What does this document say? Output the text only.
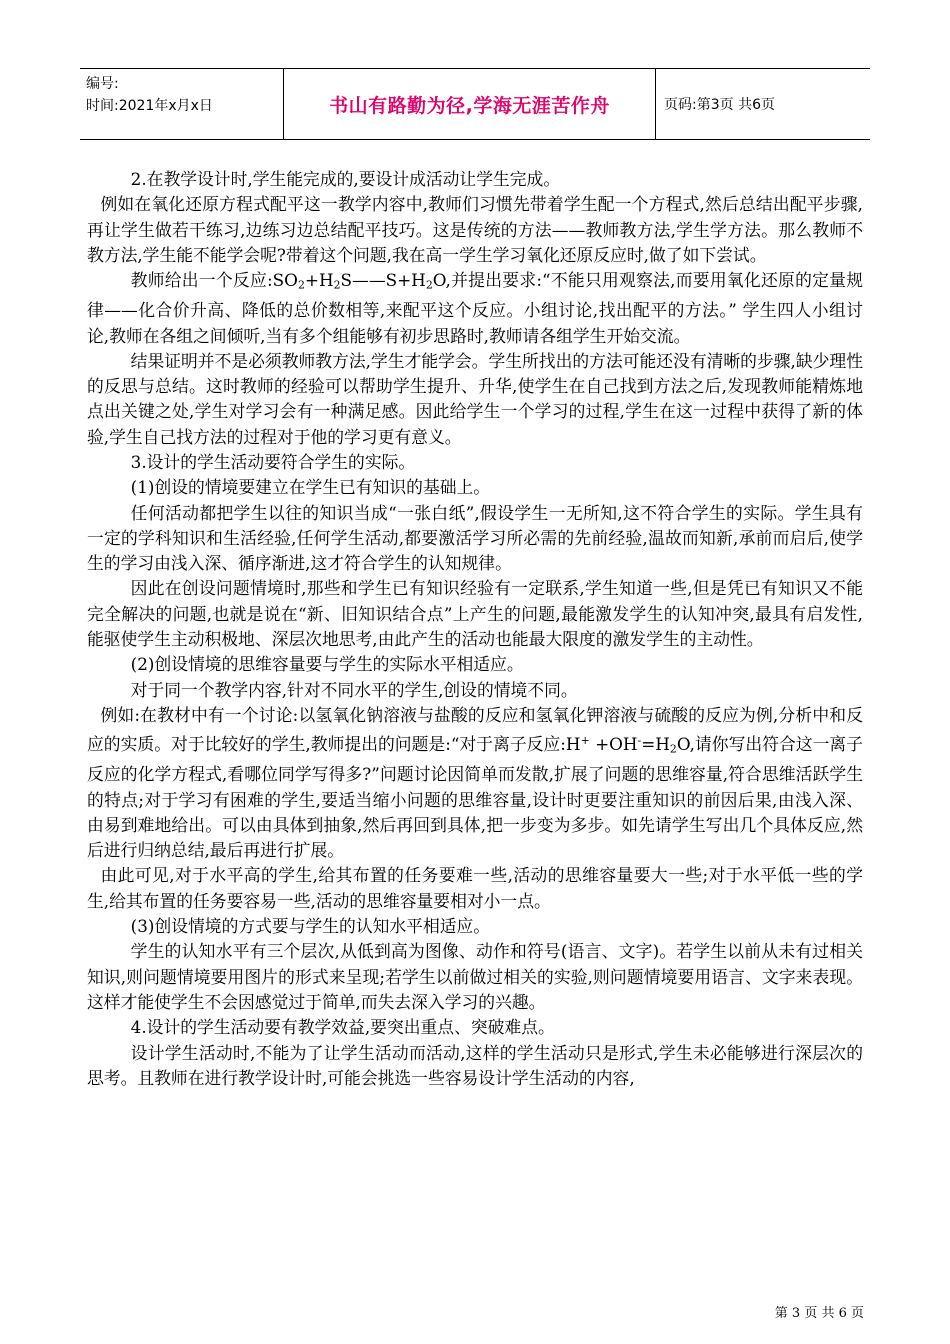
编号:
时间:2021年x月x日	书山有路勤为径,学海无涯苦作舟	页码:第3页 共6页

2.在教学设计时,学生能完成的,要设计成活动让学生完成。

例如在氧化还原方程式配平这一教学内容中,教师们习惯先带着学生配一个方程式,然后总结出配平步骤,再让学生做若干练习,边练习边总结配平技巧。这是传统的方法——教师教方法,学生学方法。那么教师不教方法,学生能不能学会呢?带着这个问题,我在高一学生学习氧化还原反应时,做了如下尝试。

教师给出一个反应$:SO_2+H_2S——S+H_2O$,并提出要求:“不能只用观察法,而要用氧化还原的定量规律——化合价升高、降低的总价数相等,来配平这个反应。小组讨论,找出配平的方法。” 学生四人小组讨论,教师在各组之间倾听,当有多个组能够有初步思路时,教师请各组学生开始交流。

结果证明并不是必须教师教方法,学生才能学会。学生所找出的方法可能还没有清晰的步骤,缺少理性的反思与总结。这时教师的经验可以帮助学生提升、升华,使学生在自己找到方法之后,发现教师能精炼地点出关键之处,学生对学习会有一种满足感。因此给学生一个学习的过程,学生在这一过程中获得了新的体验,学生自己找方法的过程对于他的学习更有意义。

3.设计的学生活动要符合学生的实际。

(1)创设的情境要建立在学生已有知识的基础上。

任何活动都把学生以往的知识当成“一张白纸”,假设学生一无所知,这不符合学生的实际。学生具有一定的学科知识和生活经验,任何学生活动,都要激活学习所必需的先前经验,温故而知新,承前而启后,使学生的学习由浅入深、循序渐进,这才符合学生的认知规律。

因此在创设问题情境时,那些和学生已有知识经验有一定联系,学生知道一些,但是凭已有知识又不能完全解决的问题,也就是说在“新、旧知识结合点”上产生的问题,最能激发学生的认知冲突,最具有启发性,能驱使学生主动积极地、深层次地思考,由此产生的活动也能最大限度的激发学生的主动性。

(2)创设情境的思维容量要与学生的实际水平相适应。

对于同一个教学内容,针对不同水平的学生,创设的情境不同。

例如:在教材中有一个讨论:以氢氧化钠溶液与盐酸的反应和氢氧化钾溶液与硫酸的反应为例,分析中和反应的实质。对于比较好的学生,教师提出的问题是:“对于离子反应:H+ $+OH^-=H_2O$,请你写出符合这一离子反应的化学方程式,看哪位同学写得多?”问题讨论因简单而发散,扩展了问题的思维容量,符合思维活跃学生的特点;对于学习有困难的学生,要适当缩小问题的思维容量,设计时更要注重知识的前因后果,由浅入深、由易到难地给出。可以由具体到抽象,然后再回到具体,把一步变为多步。如先请学生写出几个具体反应,然后进行归纳总结,最后再进行扩展。

由此可见,对于水平高的学生,给其布置的任务要难一些,活动的思维容量要大一些;对于水平低一些的学生,给其布置的任务要容易一些,活动的思维容量要相对小一点。

(3)创设情境的方式要与学生的认知水平相适应。

学生的认知水平有三个层次,从低到高为图像、动作和符号(语言、文字)。若学生以前从未有过相关知识,则问题情境要用图片的形式来呈现;若学生以前做过相关的实验,则问题情境要用语言、文字来表现。这样才能使学生不会因感觉过于简单,而失去深入学习的兴趣。

4.设计的学生活动要有教学效益,要突出重点、突破难点。

设计学生活动时,不能为了让学生活动而活动,这样的学生活动只是形式,学生未必能够进行深层次的思考。且教师在进行教学设计时,可能会挑选一些容易设计学生活动的内容,

第 3 页 共 6 页
